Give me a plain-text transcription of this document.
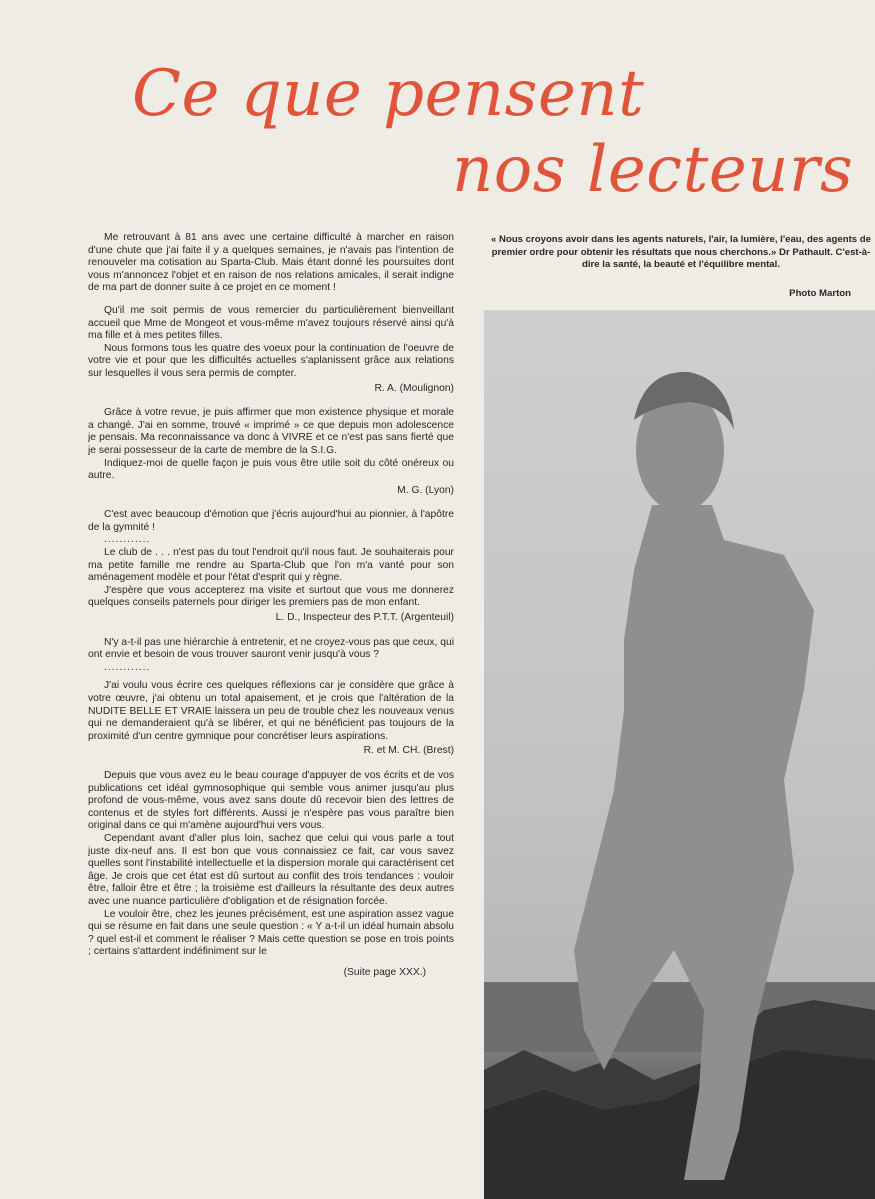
Ce que pensent
nos lecteurs

Me retrouvant à 81 ans avec une certaine difficulté à marcher en raison d'une chute que j'ai faite il y a quelques semaines, je n'avais pas l'intention de renouveler ma cotisation au Sparta-Club. Mais étant donné les poursuites dont vous m'annoncez l'objet et en raison de nos relations amicales, il serait indigne de ma part de donner suite à ce projet en ce moment !

Qu'il me soit permis de vous remercier du particulièrement bienveillant accueil que Mme de Mongeot et vous-même m'avez toujours réservé ainsi qu'à ma fille et à mes petites filles.

Nous formons tous les quatre des voeux pour la continuation de l'oeuvre de votre vie et pour que les difficultés actuelles s'aplanissent grâce aux relations sur lesquelles il vous sera permis de compter.

R. A. (Moulignon)

Grâce à votre revue, je puis affirmer que mon existence physique et morale a changé. J'ai en somme, trouvé « imprimé » ce que depuis mon adolescence je pensais. Ma reconnaissance va donc à VIVRE et ce n'est pas sans fierté que je serai possesseur de la carte de membre de la S.I.G.

Indiquez-moi de quelle façon je puis vous être utile soit du côté onéreux ou autre.

M. G. (Lyon)

C'est avec beaucoup d'émotion que j'écris aujourd'hui au pionnier, à l'apôtre de la gymnité !

............

Le club de . . . n'est pas du tout l'endroit qu'il nous faut. Je souhaiterais pour ma petite famille me rendre au Sparta-Club que l'on m'a vanté pour son aménagement modèle et pour l'état d'esprit qui y règne.

J'espère que vous accepterez ma visite et surtout que vous me donnerez quelques conseils paternels pour diriger les premiers pas de mon enfant.

L. D., Inspecteur des P.T.T. (Argenteuil)

N'y a-t-il pas une hiérarchie à entretenir, et ne croyez-vous pas que ceux, qui ont envie et besoin de vous trouver sauront venir jusqu'à vous ?

............

J'ai voulu vous écrire ces quelques réflexions car je considère que grâce à votre œuvre, j'ai obtenu un total apaisement, et je crois que l'altération de la NUDITE BELLE ET VRAIE laissera un peu de trouble chez les nouveaux venus qui ne demanderaient qu'à se libérer, et qui ne bénéficient pas toujours de la proximité d'un centre gymnique pour concrétiser leurs aspirations.

R. et M. CH. (Brest)

Depuis que vous avez eu le beau courage d'appuyer de vos écrits et de vos publications cet idéal gymnosophique qui semble vous animer jusqu'au plus profond de vous-même, vous avez sans doute dû recevoir bien des lettres de contenus et de styles fort différents. Aussi je n'espère pas vous paraître bien original dans ce qui m'amène aujourd'hui vers vous.

Cependant avant d'aller plus loin, sachez que celui qui vous parle a tout juste dix-neuf ans. Il est bon que vous connaissiez ce fait, car vous savez quelles sont l'instabilité intellectuelle et la dispersion morale qui caractérisent cet âge. Je crois que cet état est dû surtout au conflit des trois tendances : vouloir être, falloir être et être ; la troisième est d'ailleurs la résultante des deux autres avec une nuance particulière d'obligation et de résignation forcée.

Le vouloir être, chez les jeunes précisément, est une aspiration assez vague qui se résume en fait dans une seule question : « Y a-t-il un idéal humain absolu ? quel est-il et comment le réaliser ? Mais cette question se pose en trois points ; certains s'attardent indéfiniment sur le

(Suite page XXX.)
« Nous croyons avoir dans les agents naturels, l'air, la lumière, l'eau, des agents de premier ordre pour obtenir les résultats que nous cherchons.» Dr Pathault. C'est-à-dire la santé, la beauté et l'équilibre mental.
Photo Marton
